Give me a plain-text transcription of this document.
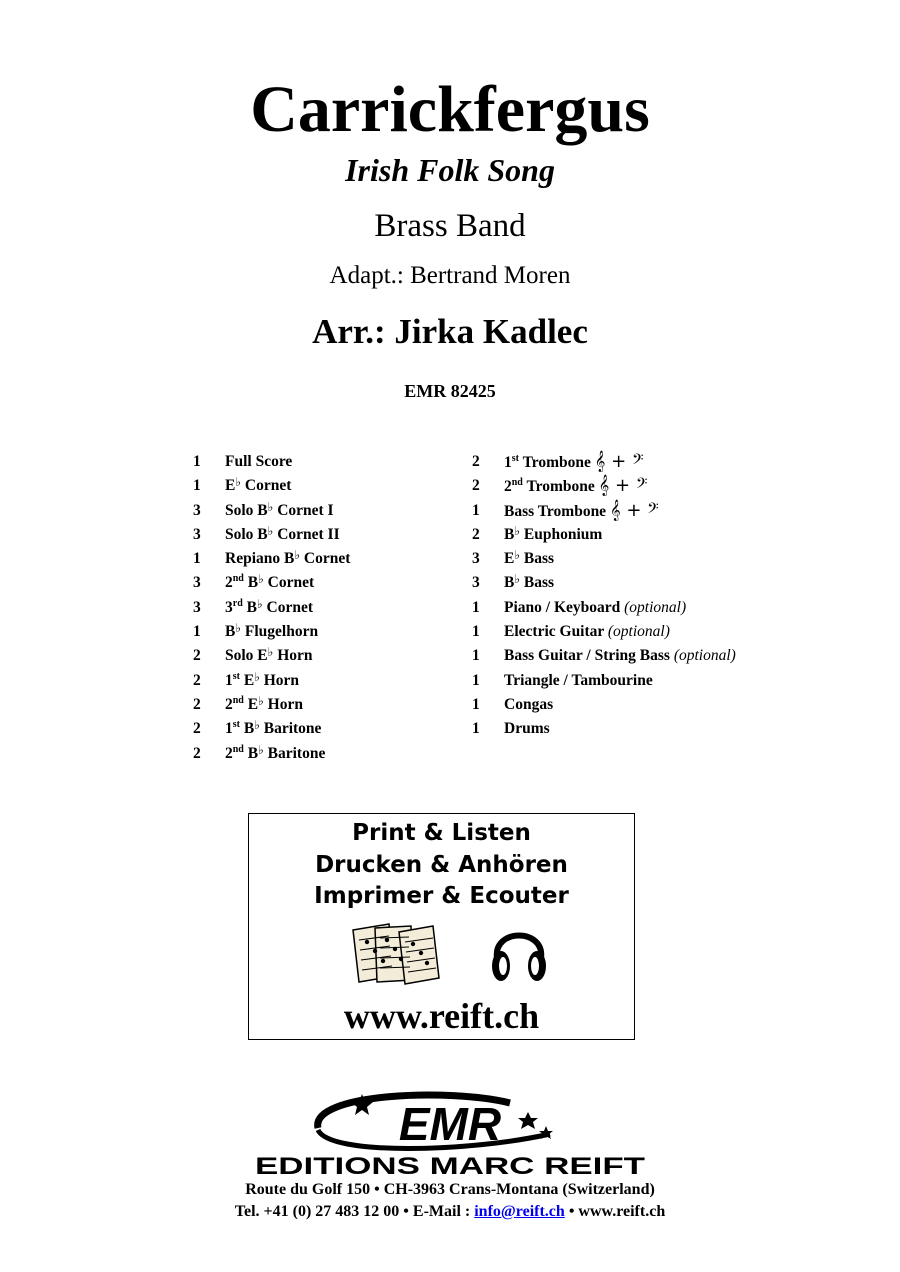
Carrickfergus
Irish Folk Song
Brass Band
Adapt.: Bertrand Moren
Arr.: Jirka Kadlec
EMR 82425
1 Full Score
1 E♭ Cornet
3 Solo B♭ Cornet I
3 Solo B♭ Cornet II
1 Repiano B♭ Cornet
3 2nd B♭ Cornet
3 3rd B♭ Cornet
1 B♭ Flugelhorn
2 Solo E♭ Horn
2 1st E♭ Horn
2 2nd E♭ Horn
2 1st B♭ Baritone
2 2nd B♭ Baritone
2 1st Trombone 𝄞 + 𝄢
2 2nd Trombone 𝄞 + 𝄢
1 Bass Trombone 𝄞 + 𝄢
2 B♭ Euphonium
3 E♭ Bass
3 B♭ Bass
1 Piano / Keyboard (optional)
1 Electric Guitar (optional)
1 Bass Guitar / String Bass (optional)
1 Triangle / Tambourine
1 Congas
1 Drums
Print & Listen
Drucken & Anhören
Imprimer & Ecouter
www.reift.ch
EMR
EDITIONS MARC REIFT
Route du Golf 150 • CH-3963 Crans-Montana (Switzerland)
Tel. +41 (0) 27 483 12 00 • E-Mail : info@reift.ch • www.reift.ch
